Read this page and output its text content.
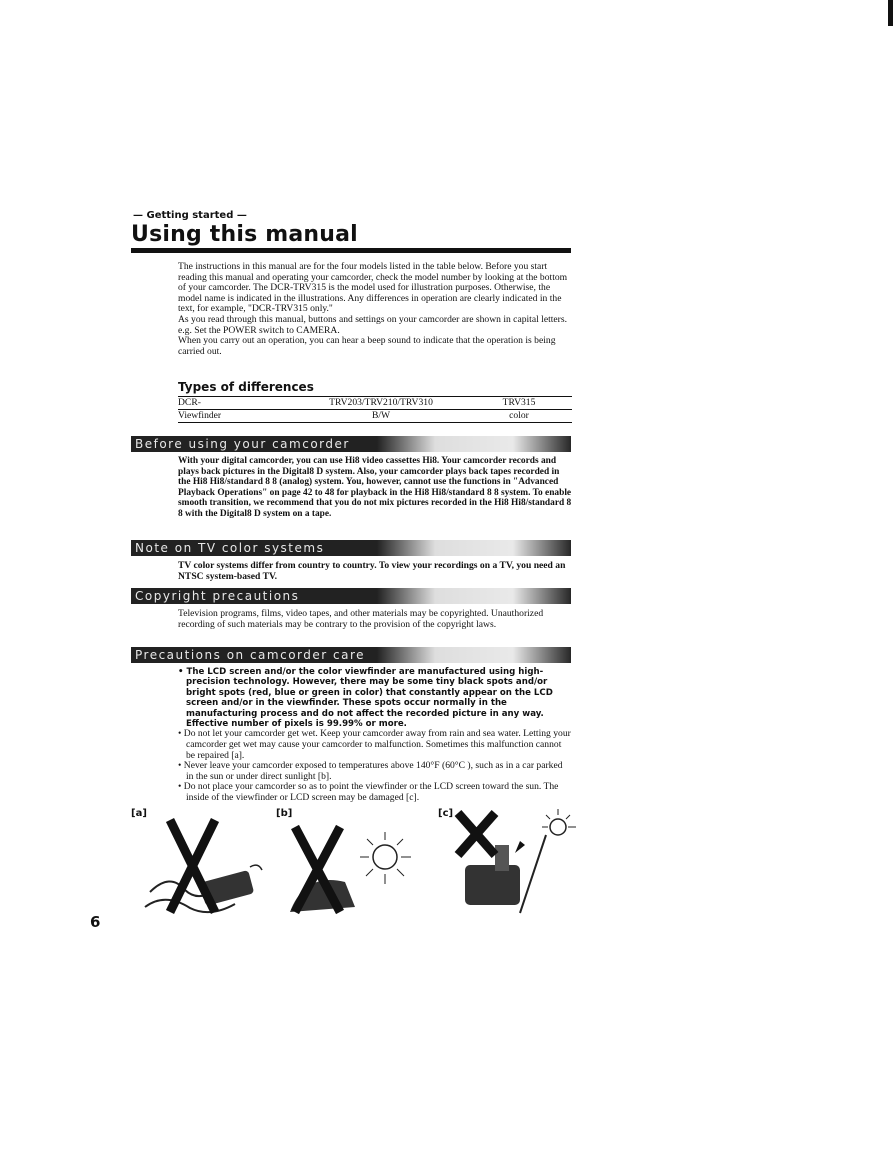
— Getting started —
Using this manual

The instructions in this manual are for the four models listed in the table below. Before you start reading this manual and operating your camcorder, check the model number by looking at the bottom of your camcorder. The DCR-TRV315 is the model used for illustration purposes. Otherwise, the model name is indicated in the illustrations. Any differences in operation are clearly indicated in the text, for example, "DCR-TRV315 only."

As you read through this manual, buttons and settings on your camcorder are shown in capital letters.

e.g. Set the POWER switch to CAMERA.

When you carry out an operation, you can hear a beep sound to indicate that the operation is being carried out.

Types of differences
DCR-	TRV203/TRV210/TRV310	TRV315
Viewfinder	B/W	color
Before using your camcorder
With your digital camcorder, you can use Hi8 video cassettes Hi8. Your camcorder records and plays back pictures in the Digital8 D system. Also, your camcorder plays back tapes recorded in the Hi8 Hi8/standard 8 8 (analog) system. You, however, cannot use the functions in "Advanced Playback Operations" on page 42 to 48 for playback in the Hi8 Hi8/standard 8 8 system. To enable smooth transition, we recommend that you do not mix pictures recorded in the Hi8 Hi8/standard 8 8 with the Digital8 D system on a tape.
Note on TV color systems
TV color systems differ from country to country. To view your recordings on a TV, you need an NTSC system-based TV.
Copyright precautions
Television programs, films, video tapes, and other materials may be copyrighted. Unauthorized recording of such materials may be contrary to the provision of the copyright laws.
Precautions on camcorder care

• The LCD screen and/or the color viewfinder are manufactured using high-precision technology. However, there may be some tiny black spots and/or bright spots (red, blue or green in color) that constantly appear on the LCD screen and/or in the viewfinder. These spots occur normally in the manufacturing process and do not affect the recorded picture in any way. Effective number of pixels is 99.99% or more.

• Do not let your camcorder get wet. Keep your camcorder away from rain and sea water. Letting your camcorder get wet may cause your camcorder to malfunction. Sometimes this malfunction cannot be repaired [a].

• Never leave your camcorder exposed to temperatures above 140°F (60°C ), such as in a car parked in the sun or under direct sunlight [b].

• Do not place your camcorder so as to point the viewfinder or the LCD screen toward the sun. The inside of the viewfinder or LCD screen may be damaged [c].

[a]	[b]	[c]
6
